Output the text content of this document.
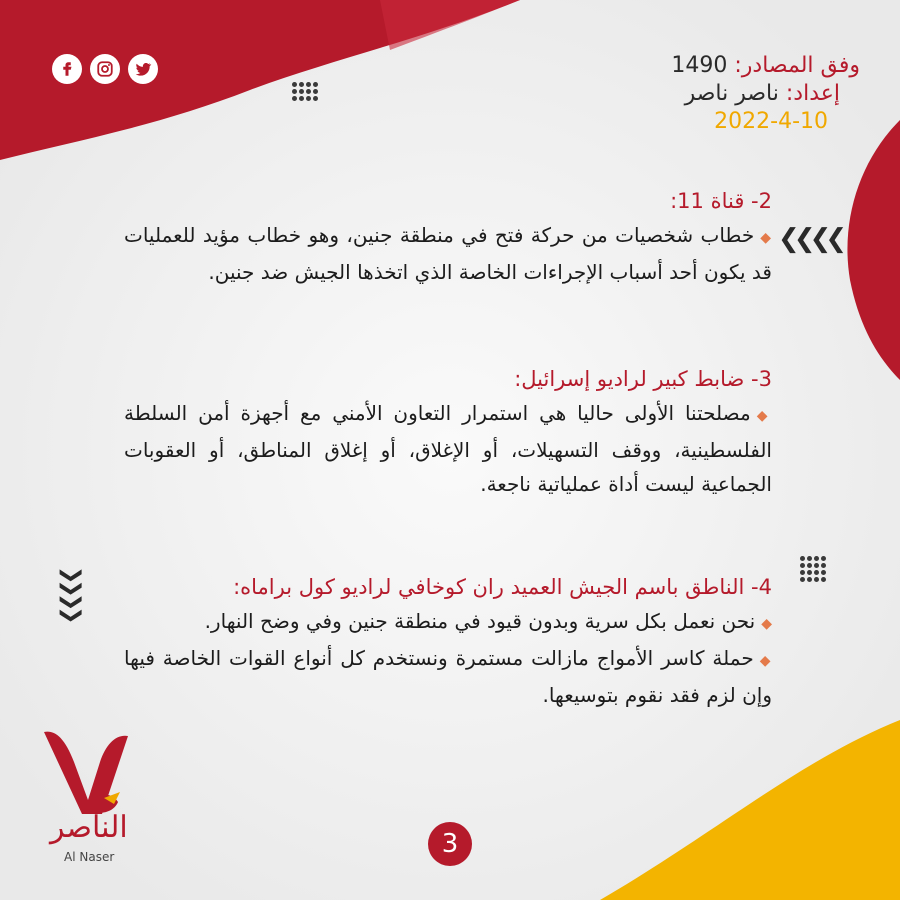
وفق المصادر: 1490
إعداد: ناصر ناصر
2022-4-10
❯❯❯❯
❯❯❯❯
2- قناة 11:

◆خطاب شخصيات من حركة فتح في منطقة جنين، وهو خطاب مؤيد للعمليات قد يكون أحد أسباب الإجراءات الخاصة الذي اتخذها الجيش ضد جنين.

3- ضابط كبير لراديو إسرائيل:

◆مصلحتنا الأولى حاليا هي استمرار التعاون الأمني مع أجهزة أمن السلطة الفلسطينية، ووقف التسهيلات، أو الإغلاق، أو إغلاق المناطق، أو العقوبات الجماعية ليست أداة عملياتية ناجعة.

4- الناطق باسم الجيش العميد ران كوخافي لراديو كول براماه:

◆نحن نعمل بكل سرية وبدون قيود في منطقة جنين وفي وضح النهار.

◆حملة كاسر الأمواج مازالت مستمرة ونستخدم كل أنواع القوات الخاصة فيها وإن لزم فقد نقوم بتوسيعها.

الناصر
Al Naser	3
